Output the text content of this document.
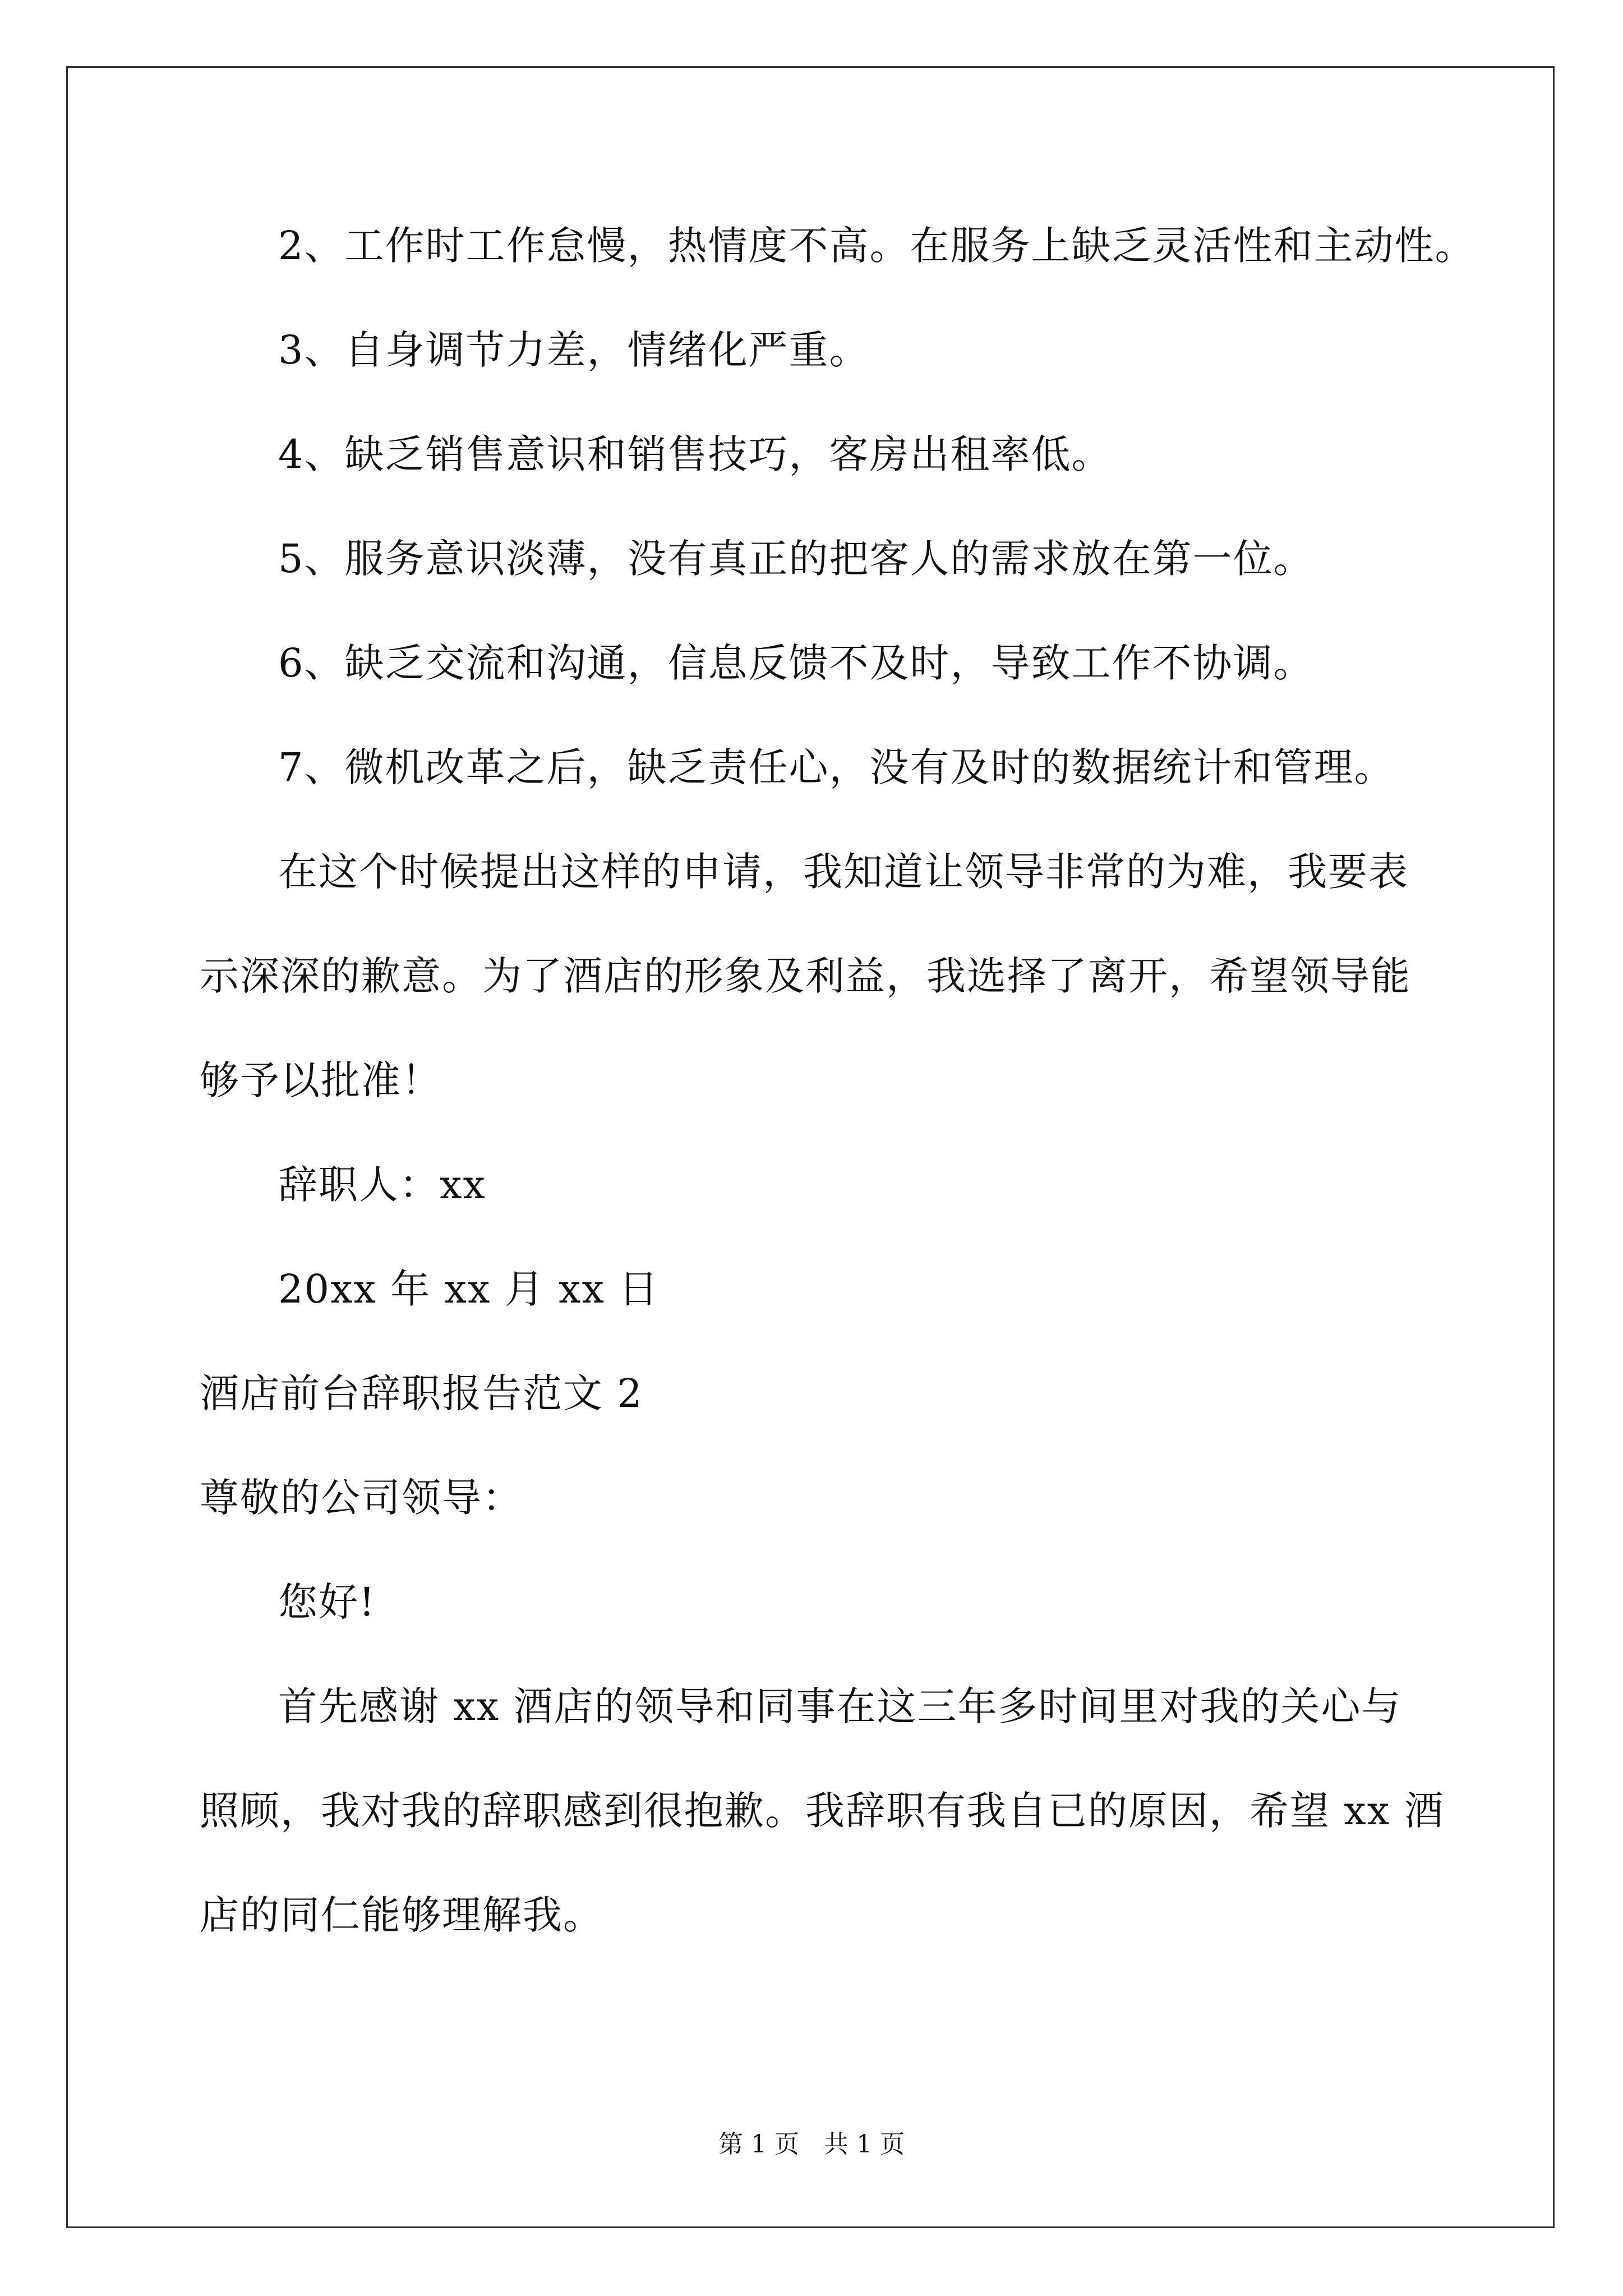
2、工作时工作怠慢，热情度不高。在服务上缺乏灵活性和主动性。
3、自身调节力差，情绪化严重。
4、缺乏销售意识和销售技巧，客房出租率低。
5、服务意识淡薄，没有真正的把客人的需求放在第一位。
6、缺乏交流和沟通，信息反馈不及时，导致工作不协调。
7、微机改革之后，缺乏责任心，没有及时的数据统计和管理。
在这个时候提出这样的申请，我知道让领导非常的为难，我要表
示深深的歉意。为了酒店的形象及利益，我选择了离开，希望领导能
够予以批准！
辞职人：xx
20xx 年 xx 月 xx 日
酒店前台辞职报告范文 2
尊敬的公司领导：
您好!
首先感谢 xx 酒店的领导和同事在这三年多时间里对我的关心与
照顾，我对我的辞职感到很抱歉。我辞职有我自已的原因，希望 xx 酒
店的同仁能够理解我。
第 1 页　共 1 页
